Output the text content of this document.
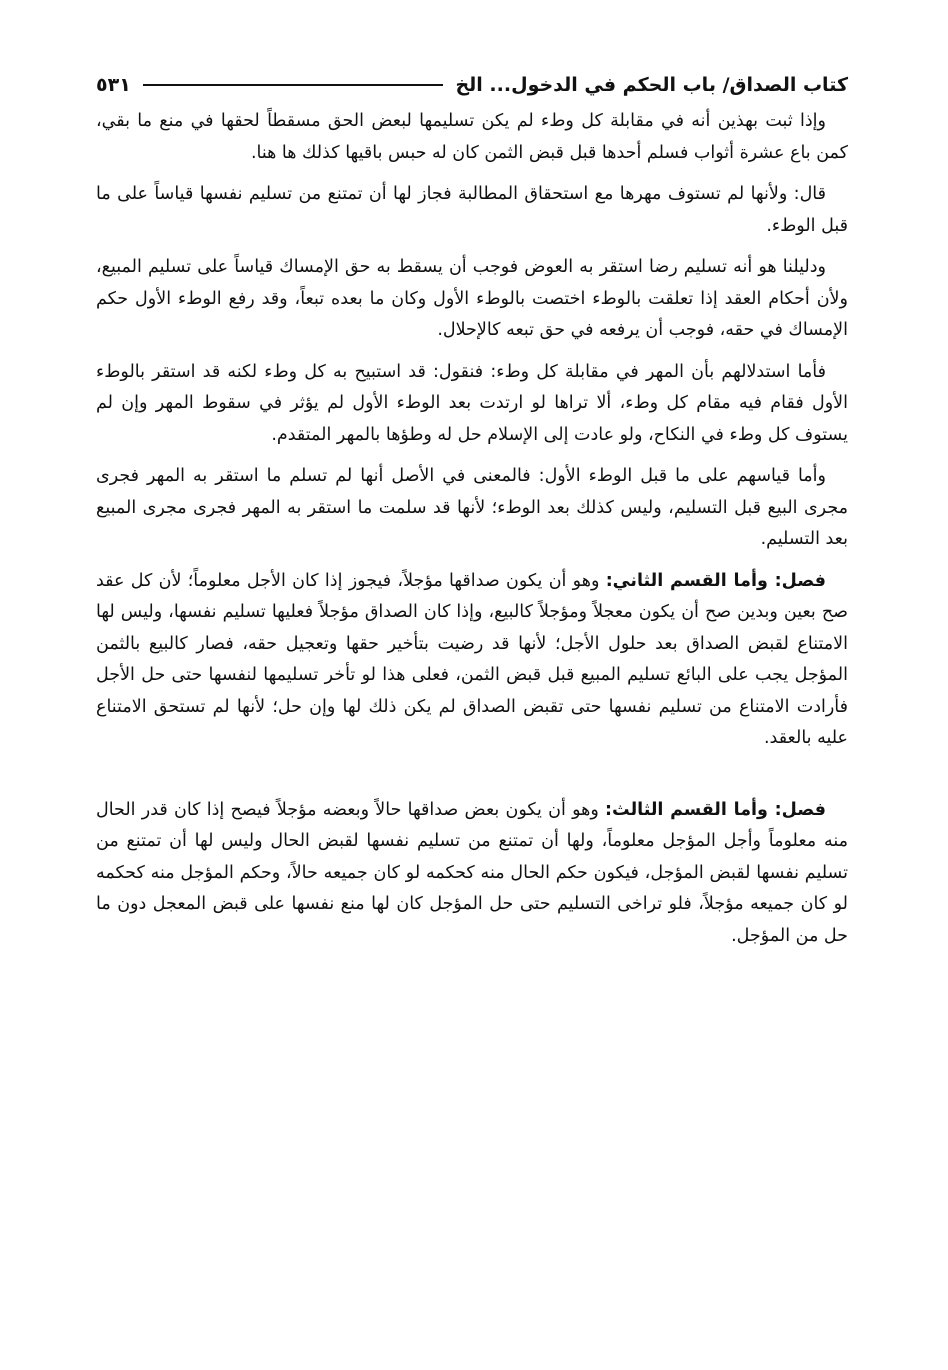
كتاب الصداق/ باب الحكم في الدخول... الخ
٥٣١

وإذا ثبت بهذين أنه في مقابلة كل وطء لم يكن تسليمها لبعض الحق مسقطاً لحقها في منع ما بقي، كمن باع عشرة أثواب فسلم أحدها قبل قبض الثمن كان له حبس باقيها كذلك ها هنا.

قال: ولأنها لم تستوف مهرها مع استحقاق المطالبة فجاز لها أن تمتنع من تسليم نفسها قياساً على ما قبل الوطء.

ودليلنا هو أنه تسليم رضا استقر به العوض فوجب أن يسقط به حق الإمساك قياساً على تسليم المبيع، ولأن أحكام العقد إذا تعلقت بالوطء اختصت بالوطء الأول وكان ما بعده تبعاً، وقد رفع الوطء الأول حكم الإمساك في حقه، فوجب أن يرفعه في حق تبعه كالإحلال.

فأما استدلالهم بأن المهر في مقابلة كل وطء: فنقول: قد استبيح به كل وطء لكنه قد استقر بالوطء الأول فقام فيه مقام كل وطء، ألا تراها لو ارتدت بعد الوطء الأول لم يؤثر في سقوط المهر وإن لم يستوف كل وطء في النكاح، ولو عادت إلى الإسلام حل له وطؤها بالمهر المتقدم.

وأما قياسهم على ما قبل الوطء الأول: فالمعنى في الأصل أنها لم تسلم ما استقر به المهر فجرى مجرى البيع قبل التسليم، وليس كذلك بعد الوطء؛ لأنها قد سلمت ما استقر به المهر فجرى مجرى المبيع بعد التسليم.

فصل: وأما القسم الثاني: وهو أن يكون صداقها مؤجلاً، فيجوز إذا كان الأجل معلوماً؛ لأن كل عقد صح بعين وبدين صح أن يكون معجلاً ومؤجلاً كالبيع، وإذا كان الصداق مؤجلاً فعليها تسليم نفسها، وليس لها الامتناع لقبض الصداق بعد حلول الأجل؛ لأنها قد رضيت بتأخير حقها وتعجيل حقه، فصار كالبيع بالثمن المؤجل يجب على البائع تسليم المبيع قبل قبض الثمن، فعلى هذا لو تأخر تسليمها لنفسها حتى حل الأجل فأرادت الامتناع من تسليم نفسها حتى تقبض الصداق لم يكن ذلك لها وإن حل؛ لأنها لم تستحق الامتناع عليه بالعقد.

فصل: وأما القسم الثالث: وهو أن يكون بعض صداقها حالاً وبعضه مؤجلاً فيصح إذا كان قدر الحال منه معلوماً وأجل المؤجل معلوماً، ولها أن تمتنع من تسليم نفسها لقبض الحال وليس لها أن تمتنع من تسليم نفسها لقبض المؤجل، فيكون حكم الحال منه كحكمه لو كان جميعه حالاً، وحكم المؤجل منه كحكمه لو كان جميعه مؤجلاً، فلو تراخى التسليم حتى حل المؤجل كان لها منع نفسها على قبض المعجل دون ما حل من المؤجل.
